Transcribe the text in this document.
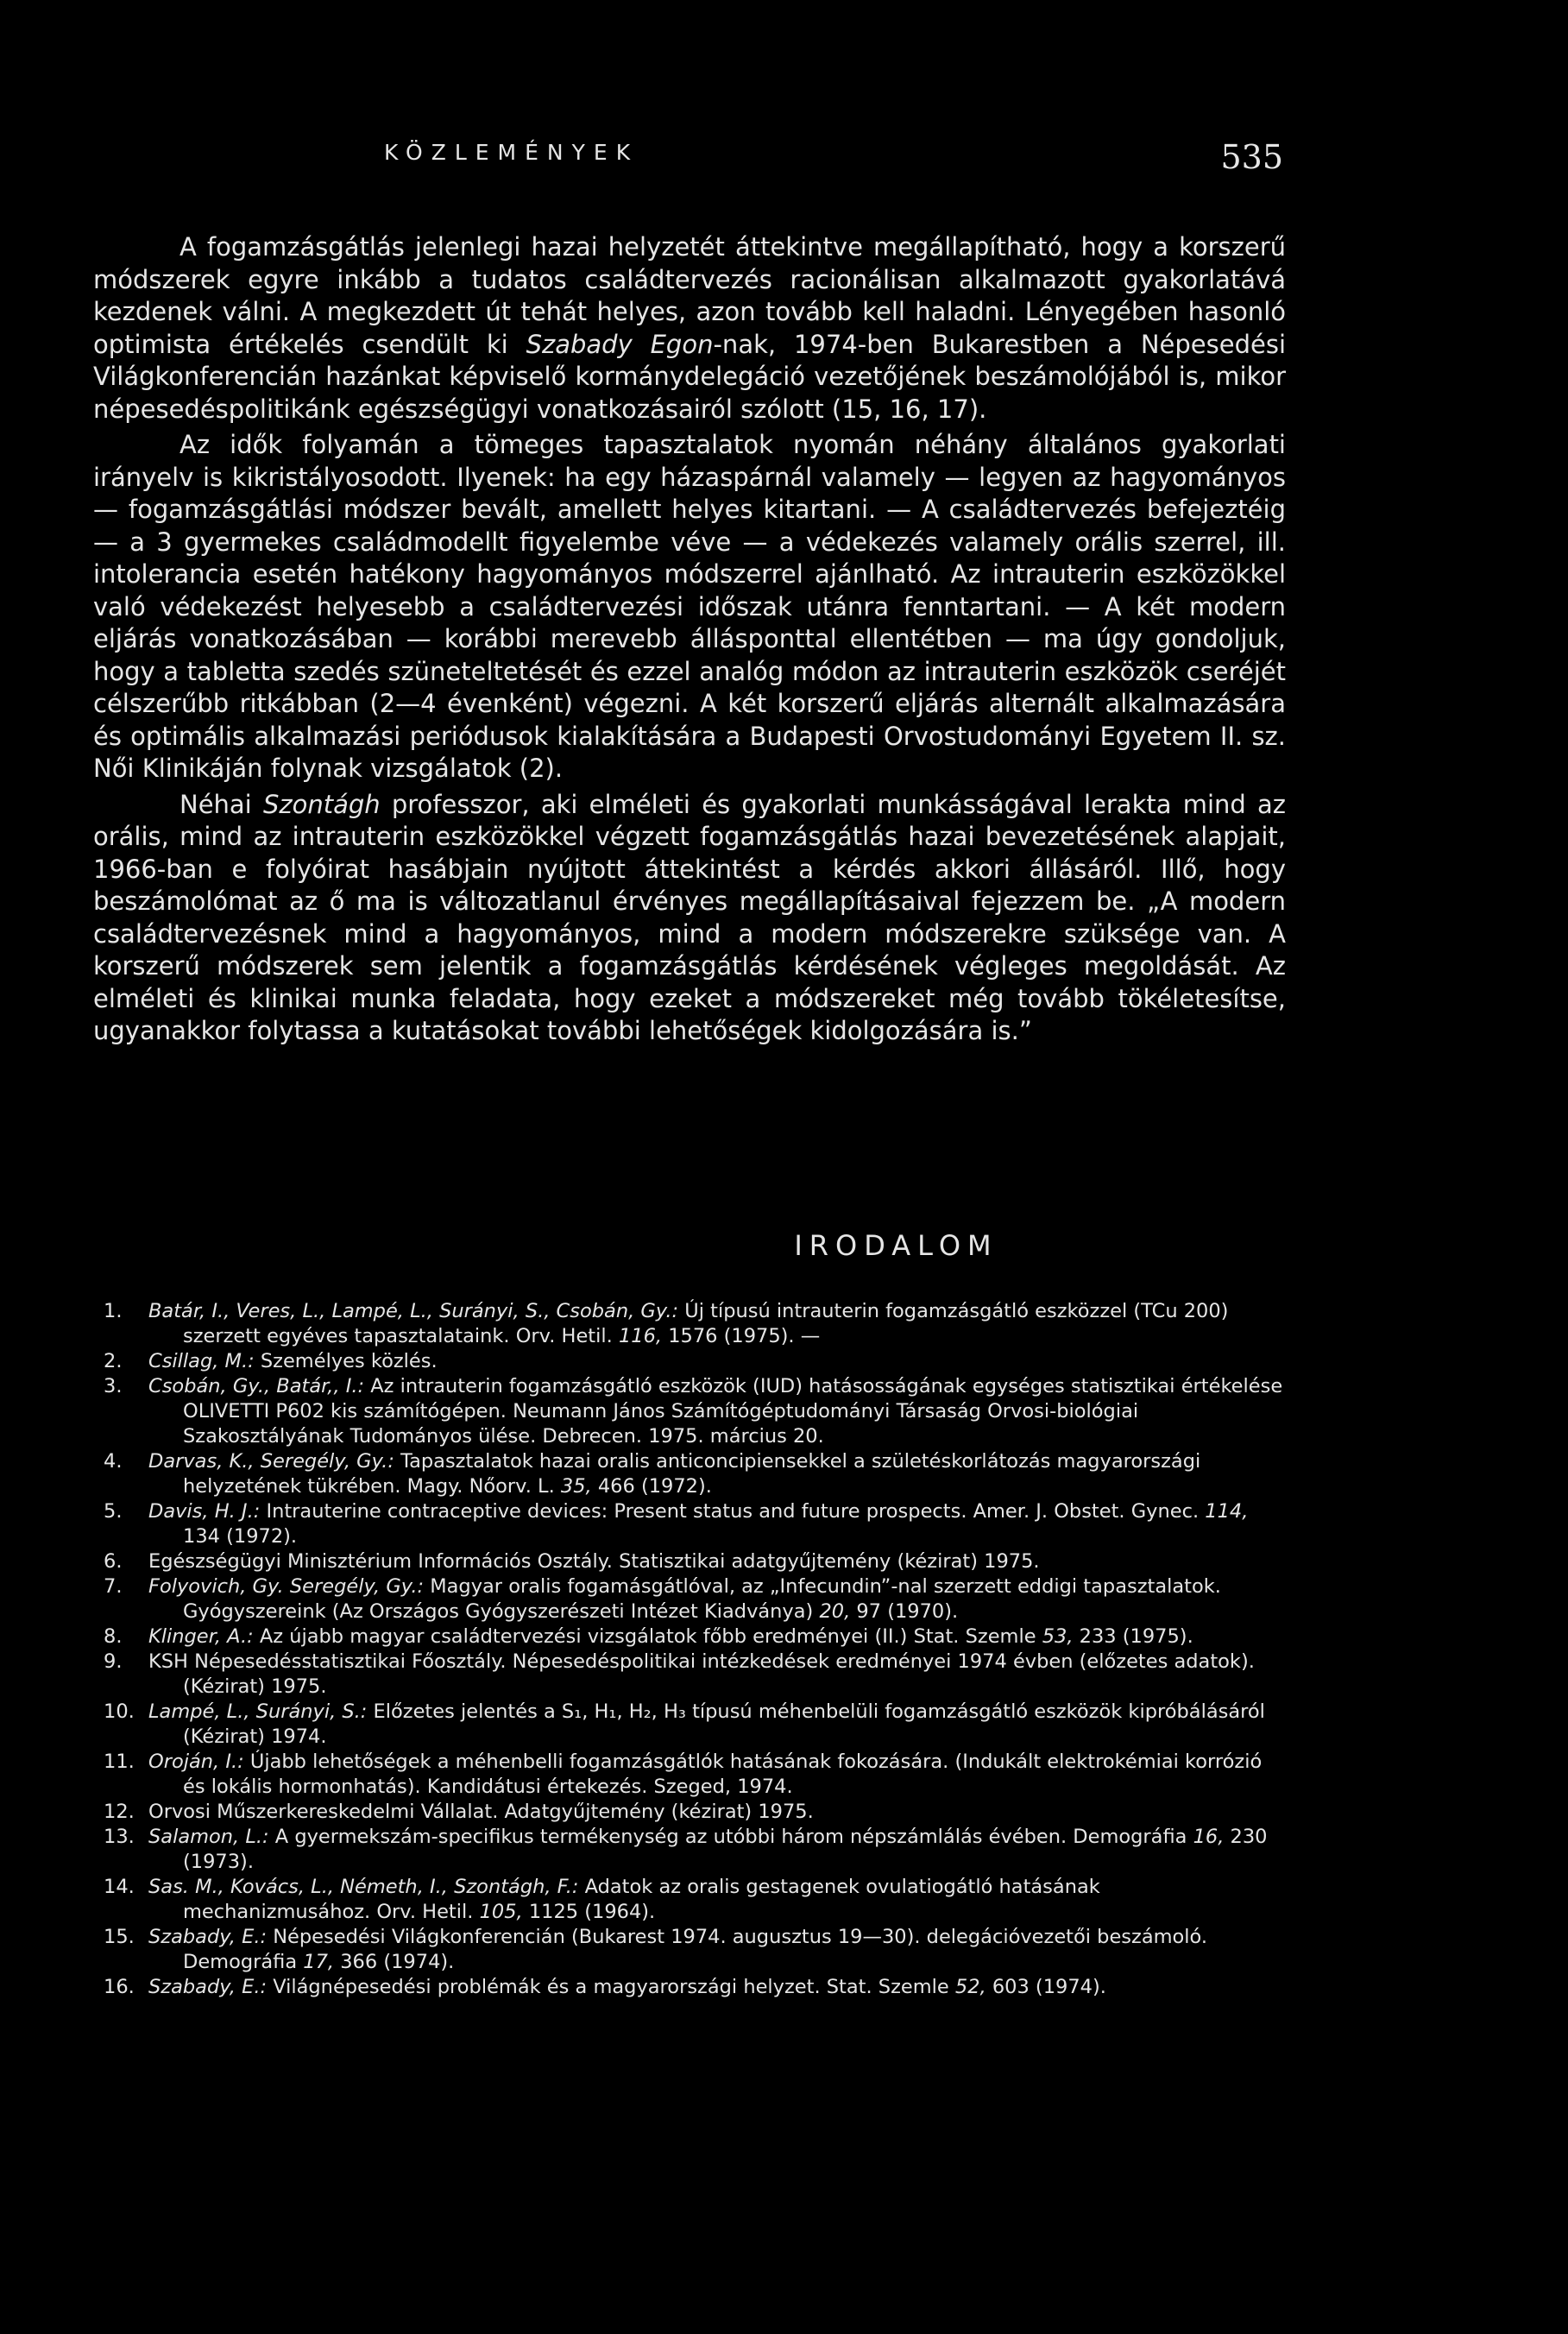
KÖZLEMÉNYEK	535

A fogamzásgátlás jelenlegi hazai helyzetét áttekintve megállapítható, hogy a korszerű módszerek egyre inkább a tudatos családtervezés racionálisan alkalmazott gyakorlatává kezdenek válni. A megkezdett út tehát helyes, azon tovább kell haladni. Lényegében hasonló optimista értékelés csendült ki Szabady Egon-nak, 1974-ben Bukarestben a Népesedési Világkonferencián hazánkat képviselő kormánydelegáció vezetőjének beszámolójából is, mikor népesedéspolitikánk egészségügyi vonatkozásairól szólott (15, 16, 17).

Az idők folyamán a tömeges tapasztalatok nyomán néhány általános gyakorlati irányelv is kikristályosodott. Ilyenek: ha egy házaspárnál valamely — legyen az hagyományos — fogamzásgátlási módszer bevált, amellett helyes kitartani. — A családtervezés befejeztéig — a 3 gyermekes családmodellt figyelembe véve — a védekezés valamely orális szerrel, ill. intolerancia esetén hatékony hagyományos módszerrel ajánlható. Az intrauterin eszközökkel való védekezést helyesebb a családtervezési időszak utánra fenntartani. — A két modern eljárás vonatkozásában — korábbi merevebb állásponttal ellentétben — ma úgy gondoljuk, hogy a tabletta szedés szüneteltetését és ezzel analóg módon az intrauterin eszközök cseréjét célszerűbb ritkábban (2—4 évenként) végezni. A két korszerű eljárás alternált alkalmazására és optimális alkalmazási periódusok kialakítására a Budapesti Orvostudományi Egyetem II. sz. Női Klinikáján folynak vizsgálatok (2).

Néhai Szontágh professzor, aki elméleti és gyakorlati munkásságával lerakta mind az orális, mind az intrauterin eszközökkel végzett fogamzásgátlás hazai bevezetésének alapjait, 1966-ban e folyóirat hasábjain nyújtott áttekintést a kérdés akkori állásáról. Illő, hogy beszámolómat az ő ma is változatlanul érvényes megállapításaival fejezzem be. „A modern családtervezésnek mind a hagyományos, mind a modern módszerekre szüksége van. A korszerű módszerek sem jelentik a fogamzásgátlás kérdésének végleges megoldását. Az elméleti és klinikai munka feladata, hogy ezeket a módszereket még tovább tökéletesítse, ugyanakkor folytassa a kutatásokat további lehetőségek kidolgozására is.”

IRODALOM
1. Batár, I., Veres, L., Lampé, L., Surányi, S., Csobán, Gy.: Új típusú intrauterin fogamzásgátló eszközzel (TCu 200) szerzett egyéves tapasztalataink. Orv. Hetil. 116, 1576 (1975). —
2. Csillag, M.: Személyes közlés.
3. Csobán, Gy., Batár,, I.: Az intrauterin fogamzásgátló eszközök (IUD) hatásosságának egységes statisztikai értékelése OLIVETTI P602 kis számítógépen. Neumann János Számítógéptudományi Társaság Orvosi-biológiai Szakosztályának Tudományos ülése. Debrecen. 1975. március 20.
4. Darvas, K., Seregély, Gy.: Tapasztalatok hazai oralis anticoncipiensekkel a születéskorlátozás magyarországi helyzetének tükrében. Magy. Nőorv. L. 35, 466 (1972).
5. Davis, H. J.: Intrauterine contraceptive devices: Present status and future prospects. Amer. J. Obstet. Gynec. 114, 134 (1972).
6. Egészségügyi Minisztérium Információs Osztály. Statisztikai adatgyűjtemény (kézirat) 1975.
7. Folyovich, Gy. Seregély, Gy.: Magyar oralis fogamásgátlóval, az „Infecundin”-nal szerzett eddigi tapasztalatok. Gyógyszereink (Az Országos Gyógyszerészeti Intézet Kiadványa) 20, 97 (1970).
8. Klinger, A.: Az újabb magyar családtervezési vizsgálatok főbb eredményei (II.) Stat. Szemle 53, 233 (1975).
9. KSH Népesedésstatisztikai Főosztály. Népesedéspolitikai intézkedések eredményei 1974 évben (előzetes adatok). (Kézirat) 1975.
10. Lampé, L., Surányi, S.: Előzetes jelentés a S₁, H₁, H₂, H₃ típusú méhenbelüli fogamzásgátló eszközök kipróbálásáról (Kézirat) 1974.
11. Oroján, I.: Újabb lehetőségek a méhenbelli fogamzásgátlók hatásának fokozására. (Indukált elektrokémiai korrózió és lokális hormonhatás). Kandidátusi értekezés. Szeged, 1974.
12. Orvosi Műszerkereskedelmi Vállalat. Adatgyűjtemény (kézirat) 1975.
13. Salamon, L.: A gyermekszám-specifikus termékenység az utóbbi három népszámlálás évében. Demográfia 16, 230 (1973).
14. Sas. M., Kovács, L., Németh, I., Szontágh, F.: Adatok az oralis gestagenek ovulatiogátló hatásának mechanizmusához. Orv. Hetil. 105, 1125 (1964).
15. Szabady, E.: Népesedési Világkonferencián (Bukarest 1974. augusztus 19—30). delegációvezetői beszámoló. Demográfia 17, 366 (1974).
16. Szabady, E.: Világnépesedési problémák és a magyarországi helyzet. Stat. Szemle 52, 603 (1974).
